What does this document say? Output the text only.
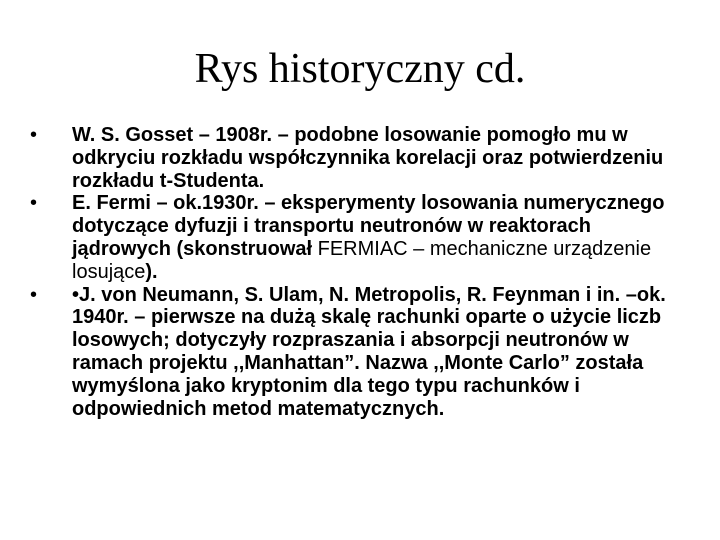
Rys historyczny cd.
•	W. S. Gosset – 1908r. – podobne losowanie pomogło mu w odkryciu rozkładu współczynnika korelacji oraz potwierdzeniu rozkładu t-Studenta.
•	E. Fermi – ok.1930r. – eksperymenty losowania numerycznego dotyczące dyfuzji i transportu neutronów w reaktorach jądrowych (skonstruował FERMIAC – mechaniczne urządzenie losujące).
•	•J. von Neumann, S. Ulam, N. Metropolis, R. Feynman i in. –ok. 1940r. – pierwsze na dużą skalę rachunki oparte o użycie liczb losowych; dotyczyły rozpraszania i absorpcji neutronów w ramach projektu ,,Manhattan”. Nazwa ,,Monte Carlo” została wymyślona jako kryptonim dla tego typu rachunków i odpowiednich metod matematycznych.
